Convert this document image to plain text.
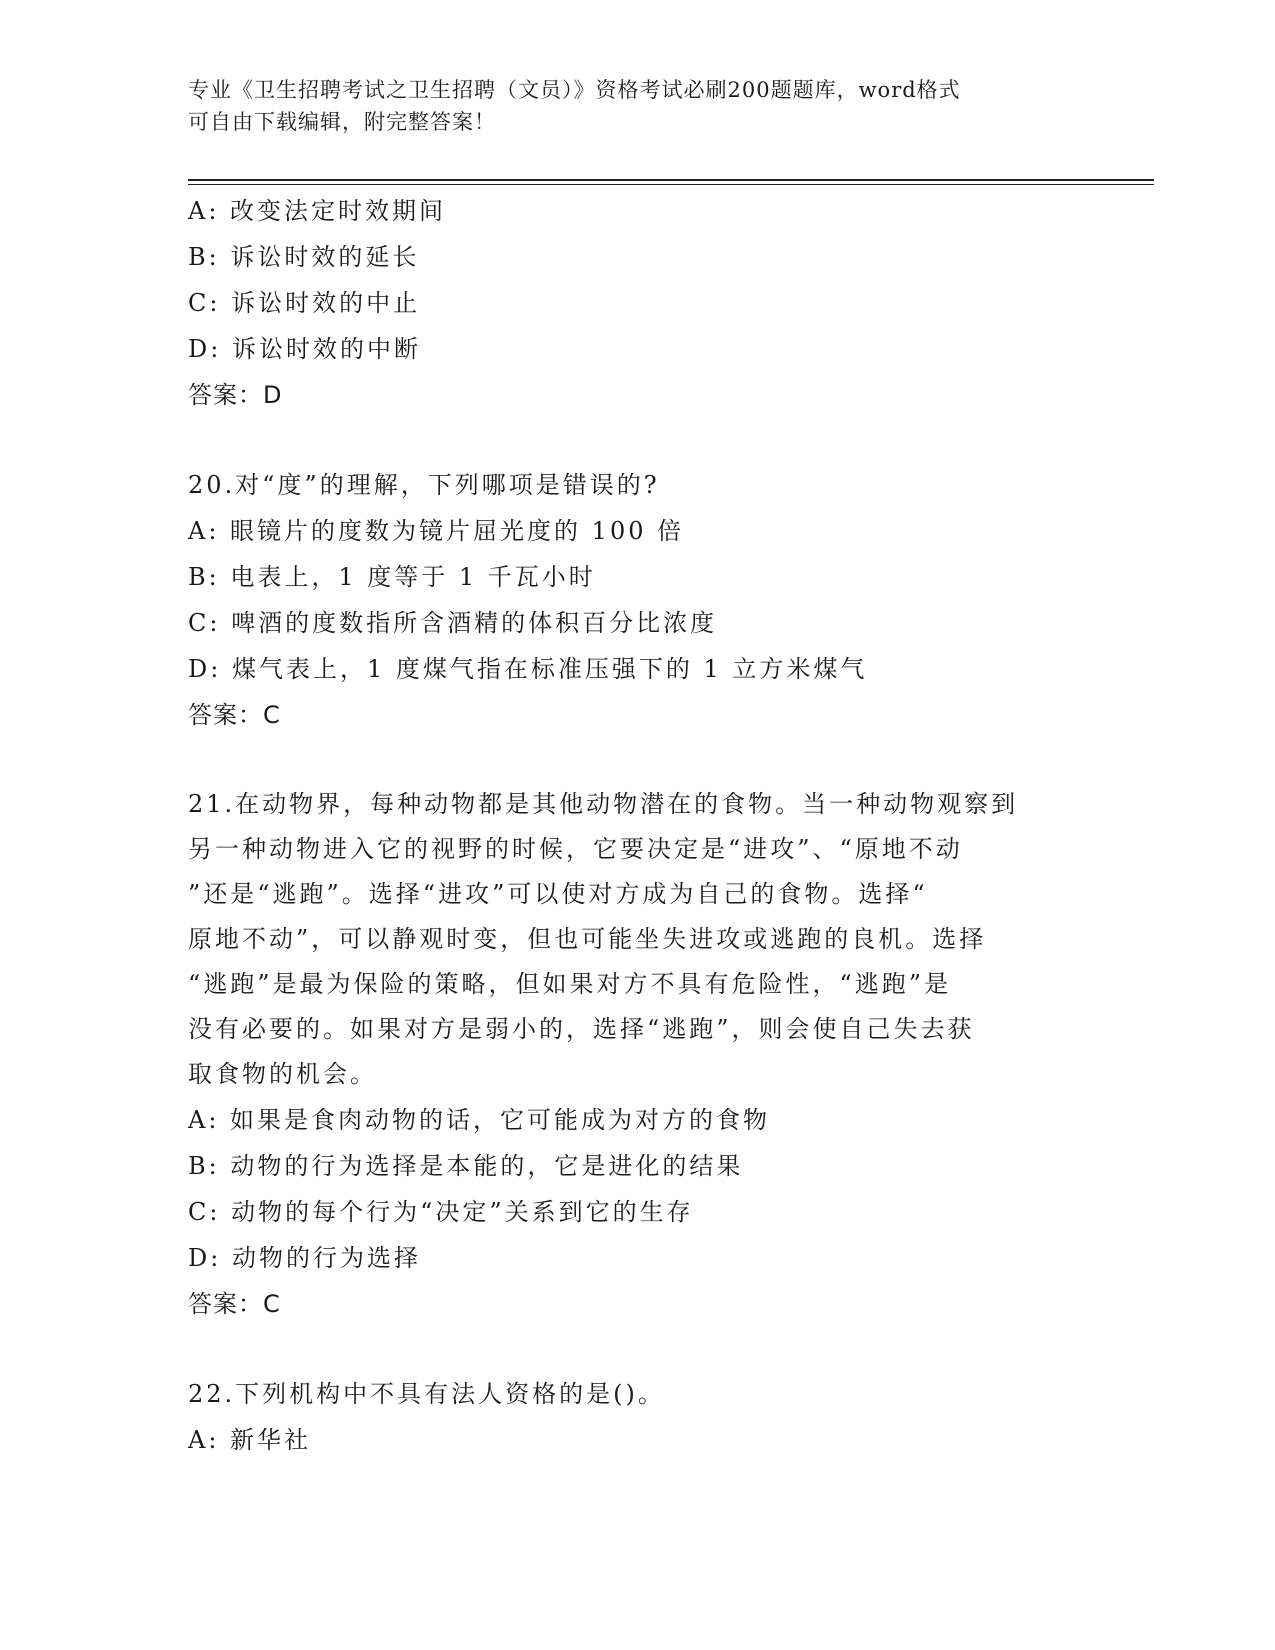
专业《卫生招聘考试之卫生招聘（文员）》资格考试必刷200题题库，word格式
可自由下载编辑，附完整答案！
A: 改变法定时效期间
B: 诉讼时效的延长
C: 诉讼时效的中止
D: 诉讼时效的中断
答案：D
20.对“度”的理解，下列哪项是错误的?
A: 眼镜片的度数为镜片屈光度的 100 倍
B: 电表上，1 度等于 1 千瓦小时
C: 啤酒的度数指所含酒精的体积百分比浓度
D: 煤气表上，1 度煤气指在标准压强下的 1 立方米煤气
答案：C
21.在动物界，每种动物都是其他动物潜在的食物。当一种动物观察到
另一种动物进入它的视野的时候，它要决定是“进攻”、“原地不动
”还是“逃跑”。选择“进攻”可以使对方成为自己的食物。选择“
原地不动”，可以静观时变，但也可能坐失进攻或逃跑的良机。选择
“逃跑”是最为保险的策略，但如果对方不具有危险性，“逃跑”是
没有必要的。如果对方是弱小的，选择“逃跑”，则会使自己失去获
取食物的机会。
A: 如果是食肉动物的话，它可能成为对方的食物
B: 动物的行为选择是本能的，它是进化的结果
C: 动物的每个行为“决定”关系到它的生存
D: 动物的行为选择
答案：C
22.下列机构中不具有法人资格的是()。
A: 新华社
